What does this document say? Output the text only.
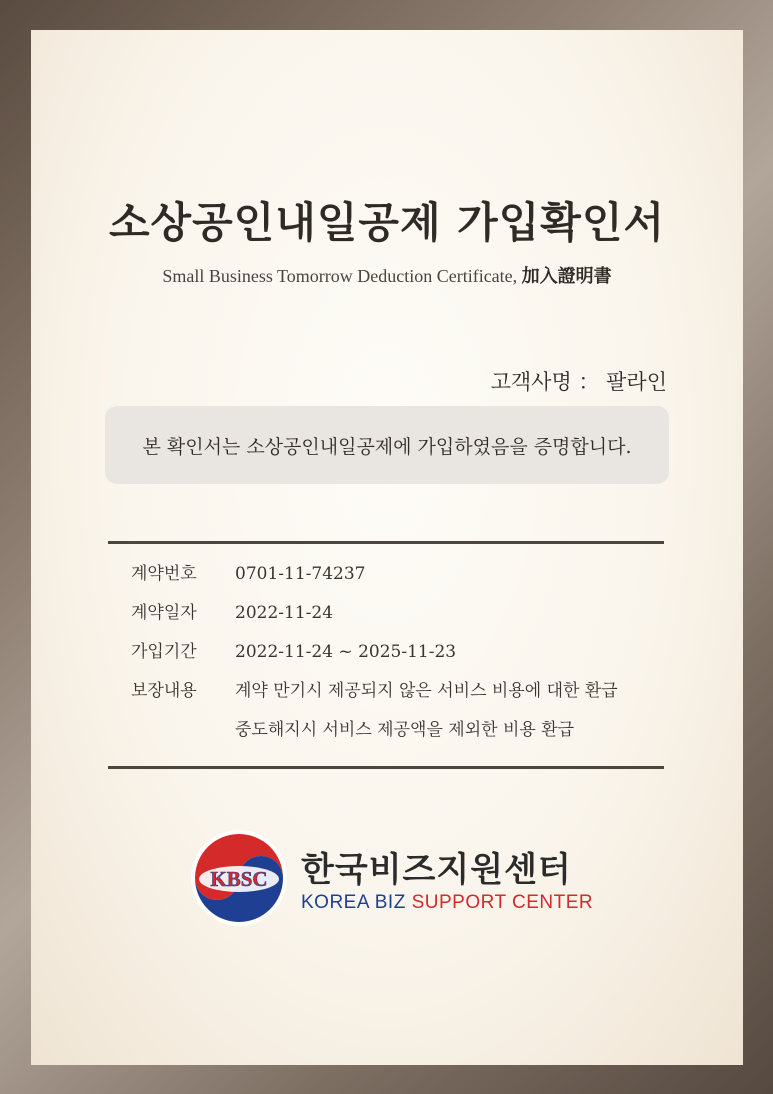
소상공인내일공제 가입확인서
Small Business Tomorrow Deduction Certificate, 加入證明書
고객사명 ： 팔라인
본 확인서는 소상공인내일공제에 가입하였음을 증명합니다.
계약번호	0701-11-74237
계약일자	2022-11-24
가입기간	2022-11-24 ~ 2025-11-23
보장내용	계약 만기시 제공되지 않은 서비스 비용에 대한 환급
중도해지시 서비스 제공액을 제외한 비용 환급
KBSC 한국비즈지원센터
KOREA BIZ SUPPORT CENTER
